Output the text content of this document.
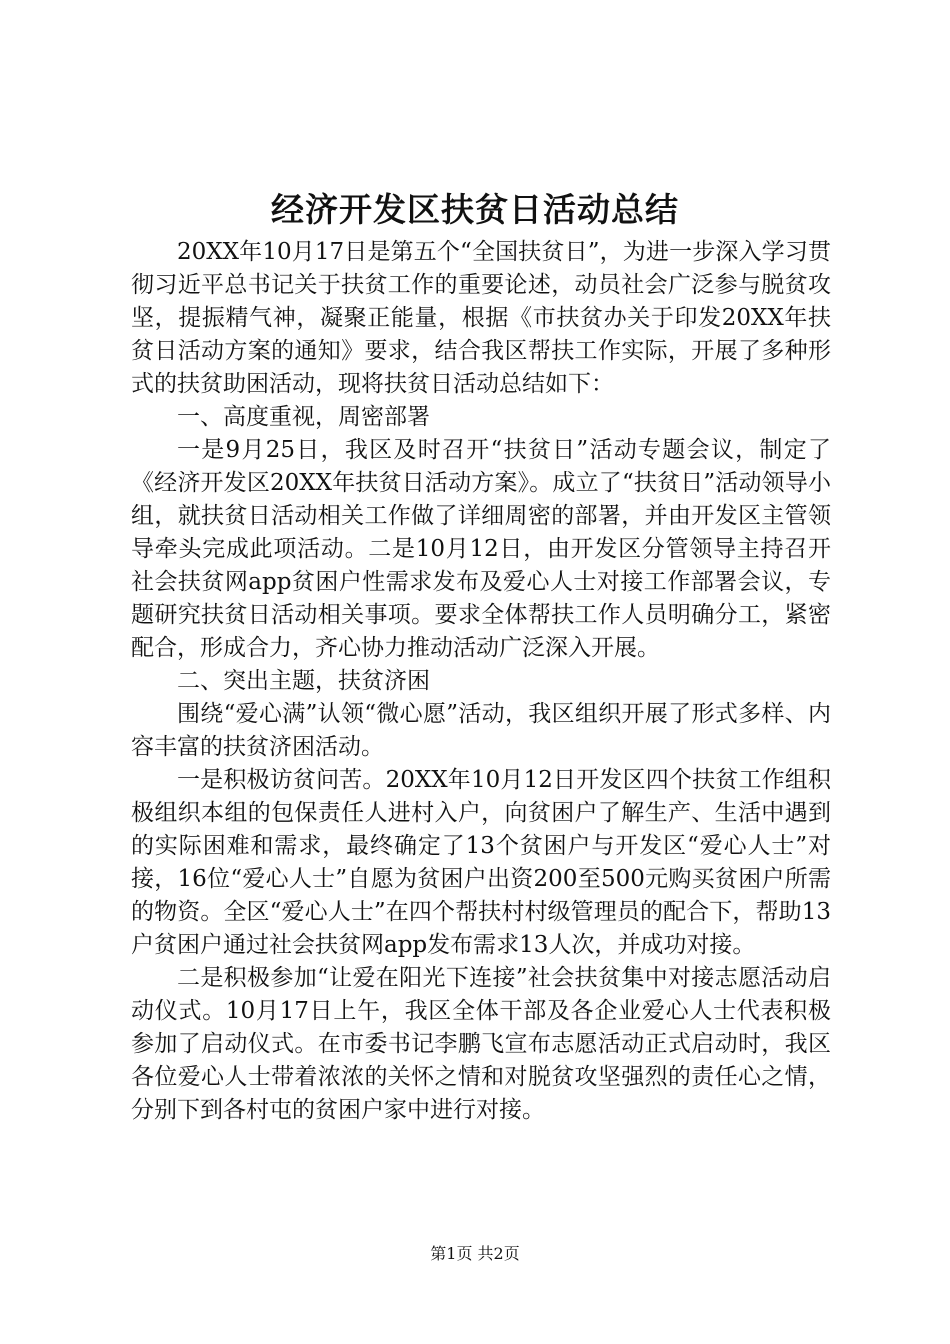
经济开发区扶贫日活动总结

20XX年10月17日是第五个“全国扶贫日”，为进一步深入学习贯彻习近平总书记关于扶贫工作的重要论述，动员社会广泛参与脱贫攻坚，提振精气神，凝聚正能量，根据《市扶贫办关于印发20XX年扶贫日活动方案的通知》要求，结合我区帮扶工作实际，开展了多种形式的扶贫助困活动，现将扶贫日活动总结如下：

一、高度重视，周密部署

一是9月25日，我区及时召开“扶贫日”活动专题会议，制定了《经济开发区20XX年扶贫日活动方案》。成立了“扶贫日”活动领导小组，就扶贫日活动相关工作做了详细周密的部署，并由开发区主管领导牵头完成此项活动。二是10月12日，由开发区分管领导主持召开社会扶贫网app贫困户性需求发布及爱心人士对接工作部署会议，专题研究扶贫日活动相关事项。要求全体帮扶工作人员明确分工，紧密配合，形成合力，齐心协力推动活动广泛深入开展。

二、突出主题，扶贫济困

围绕“爱心满”认领“微心愿”活动，我区组织开展了形式多样、内容丰富的扶贫济困活动。

一是积极访贫问苦。20XX年10月12日开发区四个扶贫工作组积极组织本组的包保责任人进村入户，向贫困户了解生产、生活中遇到的实际困难和需求，最终确定了13个贫困户与开发区“爱心人士”对接，16位“爱心人士”自愿为贫困户出资200至500元购买贫困户所需的物资。全区“爱心人士”在四个帮扶村村级管理员的配合下，帮助13户贫困户通过社会扶贫网app发布需求13人次，并成功对接。

二是积极参加“让爱在阳光下连接”社会扶贫集中对接志愿活动启动仪式。10月17日上午，我区全体干部及各企业爱心人士代表积极参加了启动仪式。在市委书记李鹏飞宣布志愿活动正式启动时，我区各位爱心人士带着浓浓的关怀之情和对脱贫攻坚强烈的责任心之情，分别下到各村屯的贫困户家中进行对接。

第1页 共2页
